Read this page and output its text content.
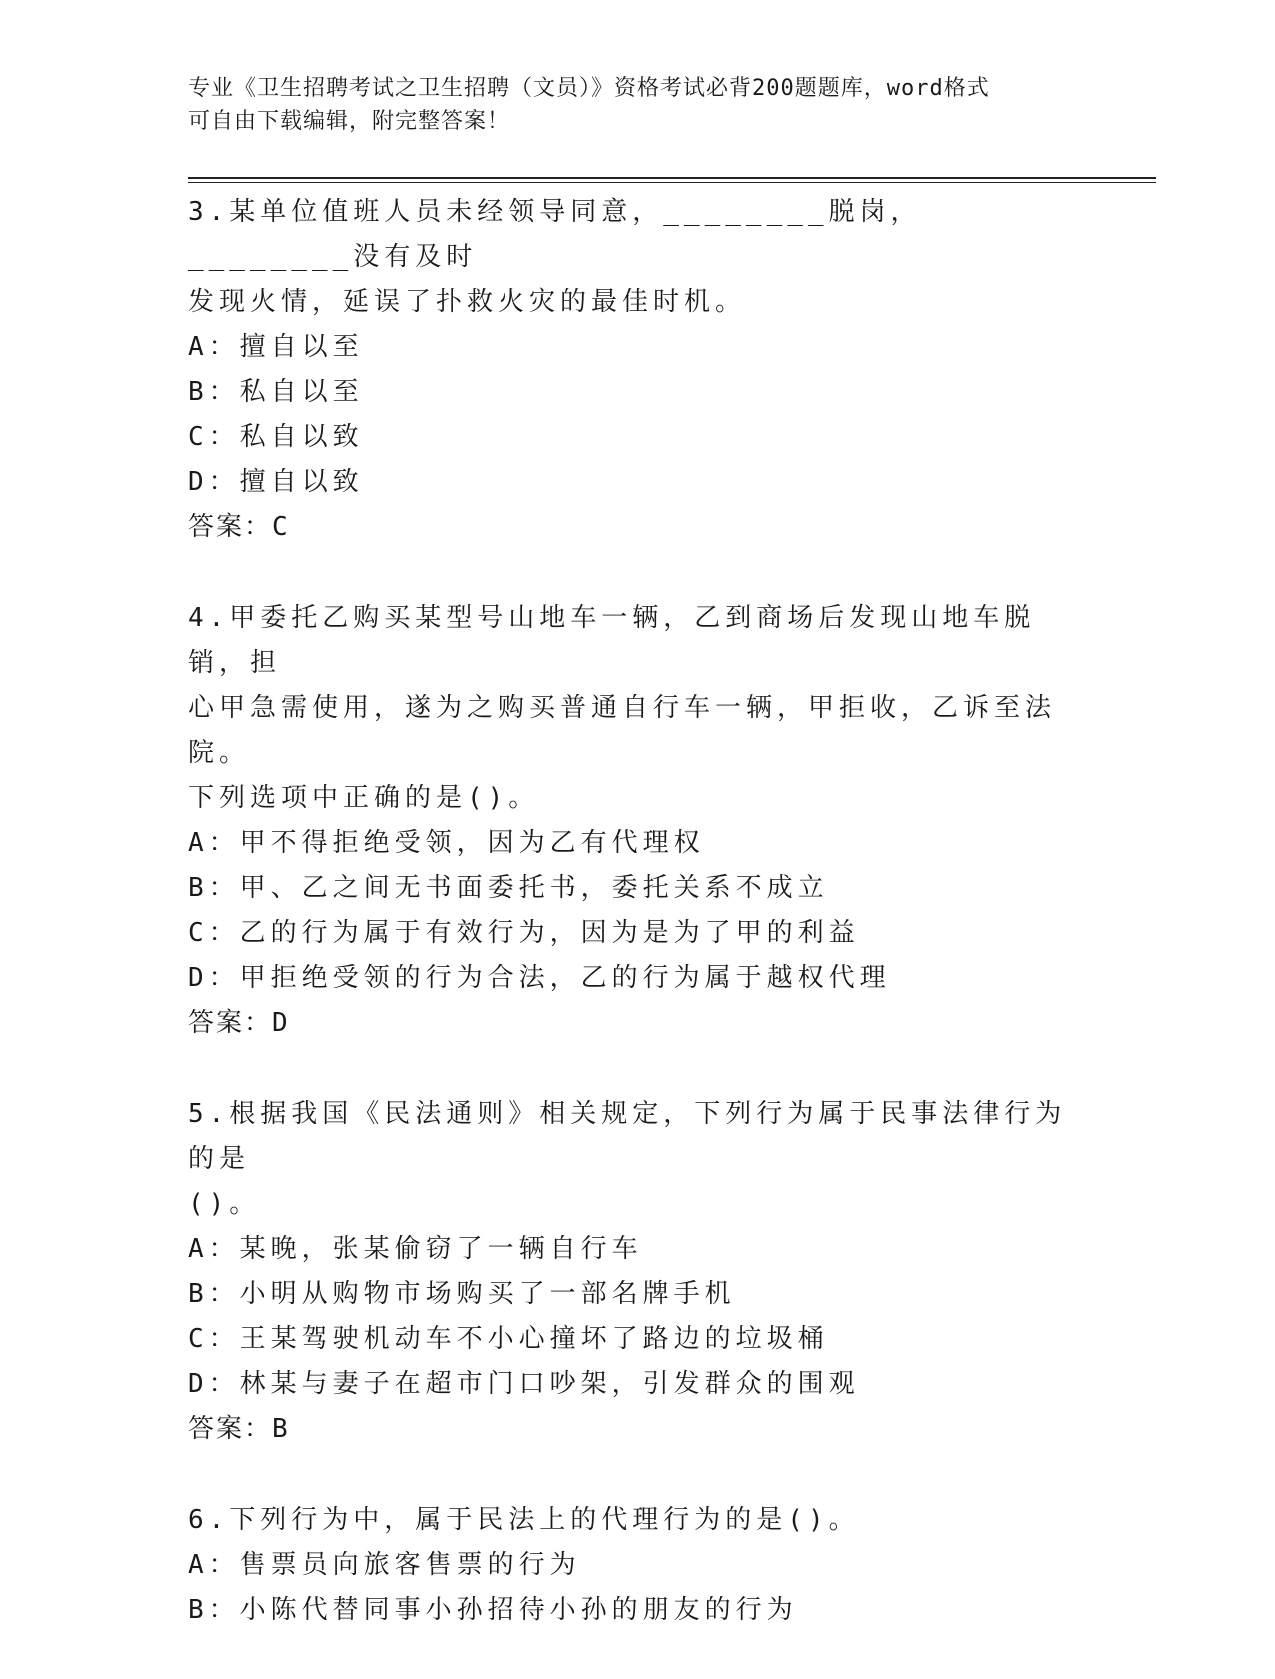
专业《卫生招聘考试之卫生招聘（文员）》资格考试必背200题题库，word格式
可自由下载编辑，附完整答案！
3.某单位值班人员未经领导同意，________脱岗，________没有及时
发现火情，延误了扑救火灾的最佳时机。
A：擅自以至
B：私自以至
C：私自以致
D：擅自以致
答案：C
4.甲委托乙购买某型号山地车一辆，乙到商场后发现山地车脱销，担
心甲急需使用，遂为之购买普通自行车一辆，甲拒收，乙诉至法院。
下列选项中正确的是()。
A：甲不得拒绝受领，因为乙有代理权
B：甲、乙之间无书面委托书，委托关系不成立
C：乙的行为属于有效行为，因为是为了甲的利益
D：甲拒绝受领的行为合法，乙的行为属于越权代理
答案：D
5.根据我国《民法通则》相关规定，下列行为属于民事法律行为的是
()。
A：某晚，张某偷窃了一辆自行车
B：小明从购物市场购买了一部名牌手机
C：王某驾驶机动车不小心撞坏了路边的垃圾桶
D：林某与妻子在超市门口吵架，引发群众的围观
答案：B
6.下列行为中，属于民法上的代理行为的是()。
A：售票员向旅客售票的行为
B：小陈代替同事小孙招待小孙的朋友的行为
